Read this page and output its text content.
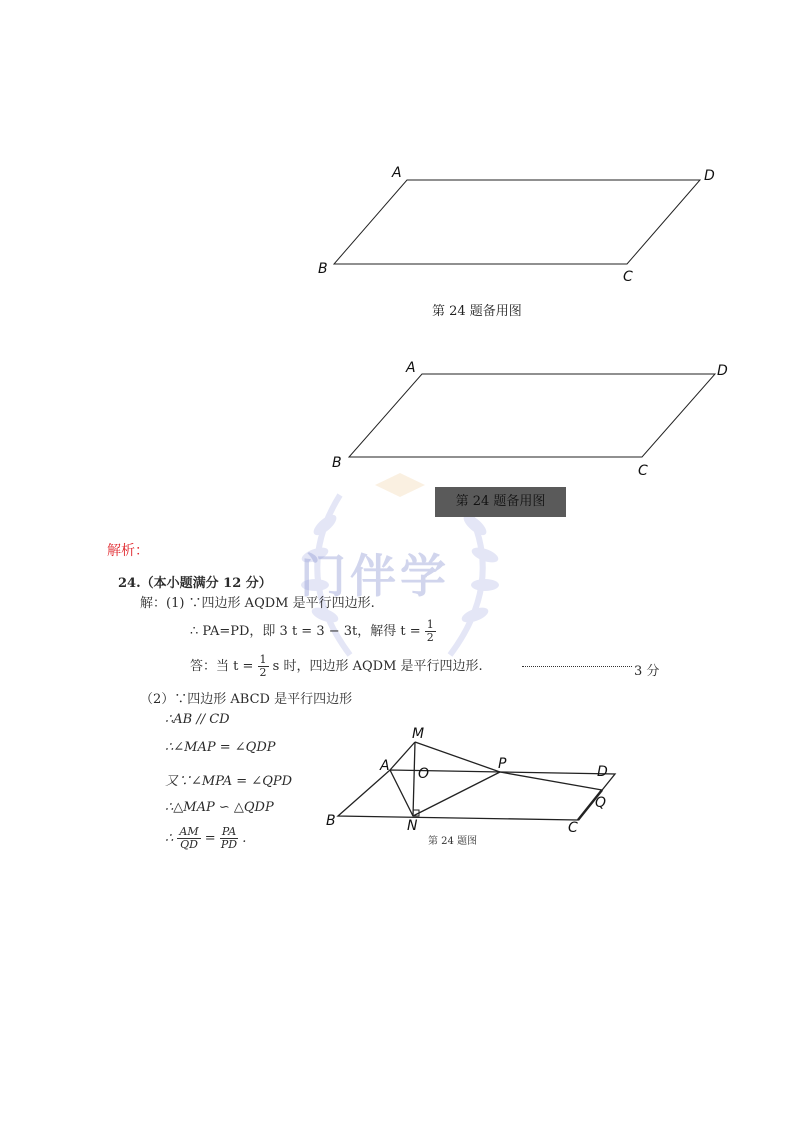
A	D
B	C
第 24 题备用图
门伴学
A	D
B	C
第 24 题备用图
解析：
24.（本小题满分 12 分）
解：(1) ∵四边形 AQDM 是平行四边形.
∴ PA=PD，即 3 t = 3 − 3t，解得 $t = \frac{1}{2}$
答：当 $t = \frac{1}{2}$ s 时，四边形 AQDM 是平行四边形.	3 分
（2）∵四边形 ABCD 是平行四边形
∴AB // CD
∴∠MAP = ∠QDP
又∵∠MPA = ∠QPD
∴△MAP ∽ △QDP
∴ $\frac{AM}{QD} = \frac{PA}{PD}$ .
M
A O
P	D
B	N	C
Q
第 24 题图
